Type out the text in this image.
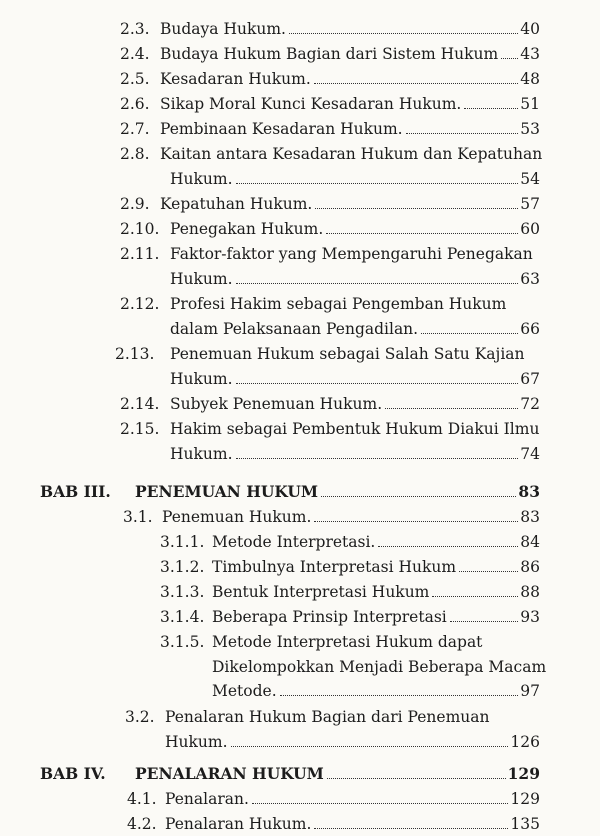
2.3. Budaya Hukum.	40
2.4. Budaya Hukum Bagian dari Sistem Hukum 43
2.5. Kesadaran Hukum.	48
2.6. Sikap Moral Kunci Kesadaran Hukum.	51
2.7. Pembinaan Kesadaran Hukum.	53
2.8. Kaitan antara Kesadaran Hukum dan Kepatuhan
Hukum.	54
2.9. Kepatuhan Hukum.	57
2.10. Penegakan Hukum.	60
2.11. Faktor-faktor yang Mempengaruhi Penegakan
Hukum.	63
2.12. Profesi Hakim sebagai Pengemban Hukum
dalam Pelaksanaan Pengadilan.	66
2.13. Penemuan Hukum sebagai Salah Satu Kajian
Hukum.	67
2.14. Subyek Penemuan Hukum.	72
2.15. Hakim sebagai Pembentuk Hukum Diakui Ilmu
Hukum.	74
BAB III. PENEMUAN HUKUM	83
3.1. Penemuan Hukum.	83
3.1.1. Metode Interpretasi.	84
3.1.2. Timbulnya Interpretasi Hukum	86
3.1.3. Bentuk Interpretasi Hukum	88
3.1.4. Beberapa Prinsip Interpretasi	93
3.1.5. Metode Interpretasi Hukum dapat
Dikelompokkan Menjadi Beberapa Macam
Metode.	97
3.2. Penalaran Hukum Bagian dari Penemuan
Hukum.	126
BAB IV. PENALARAN HUKUM	129
4.1. Penalaran.	129
4.2. Penalaran Hukum.	135
